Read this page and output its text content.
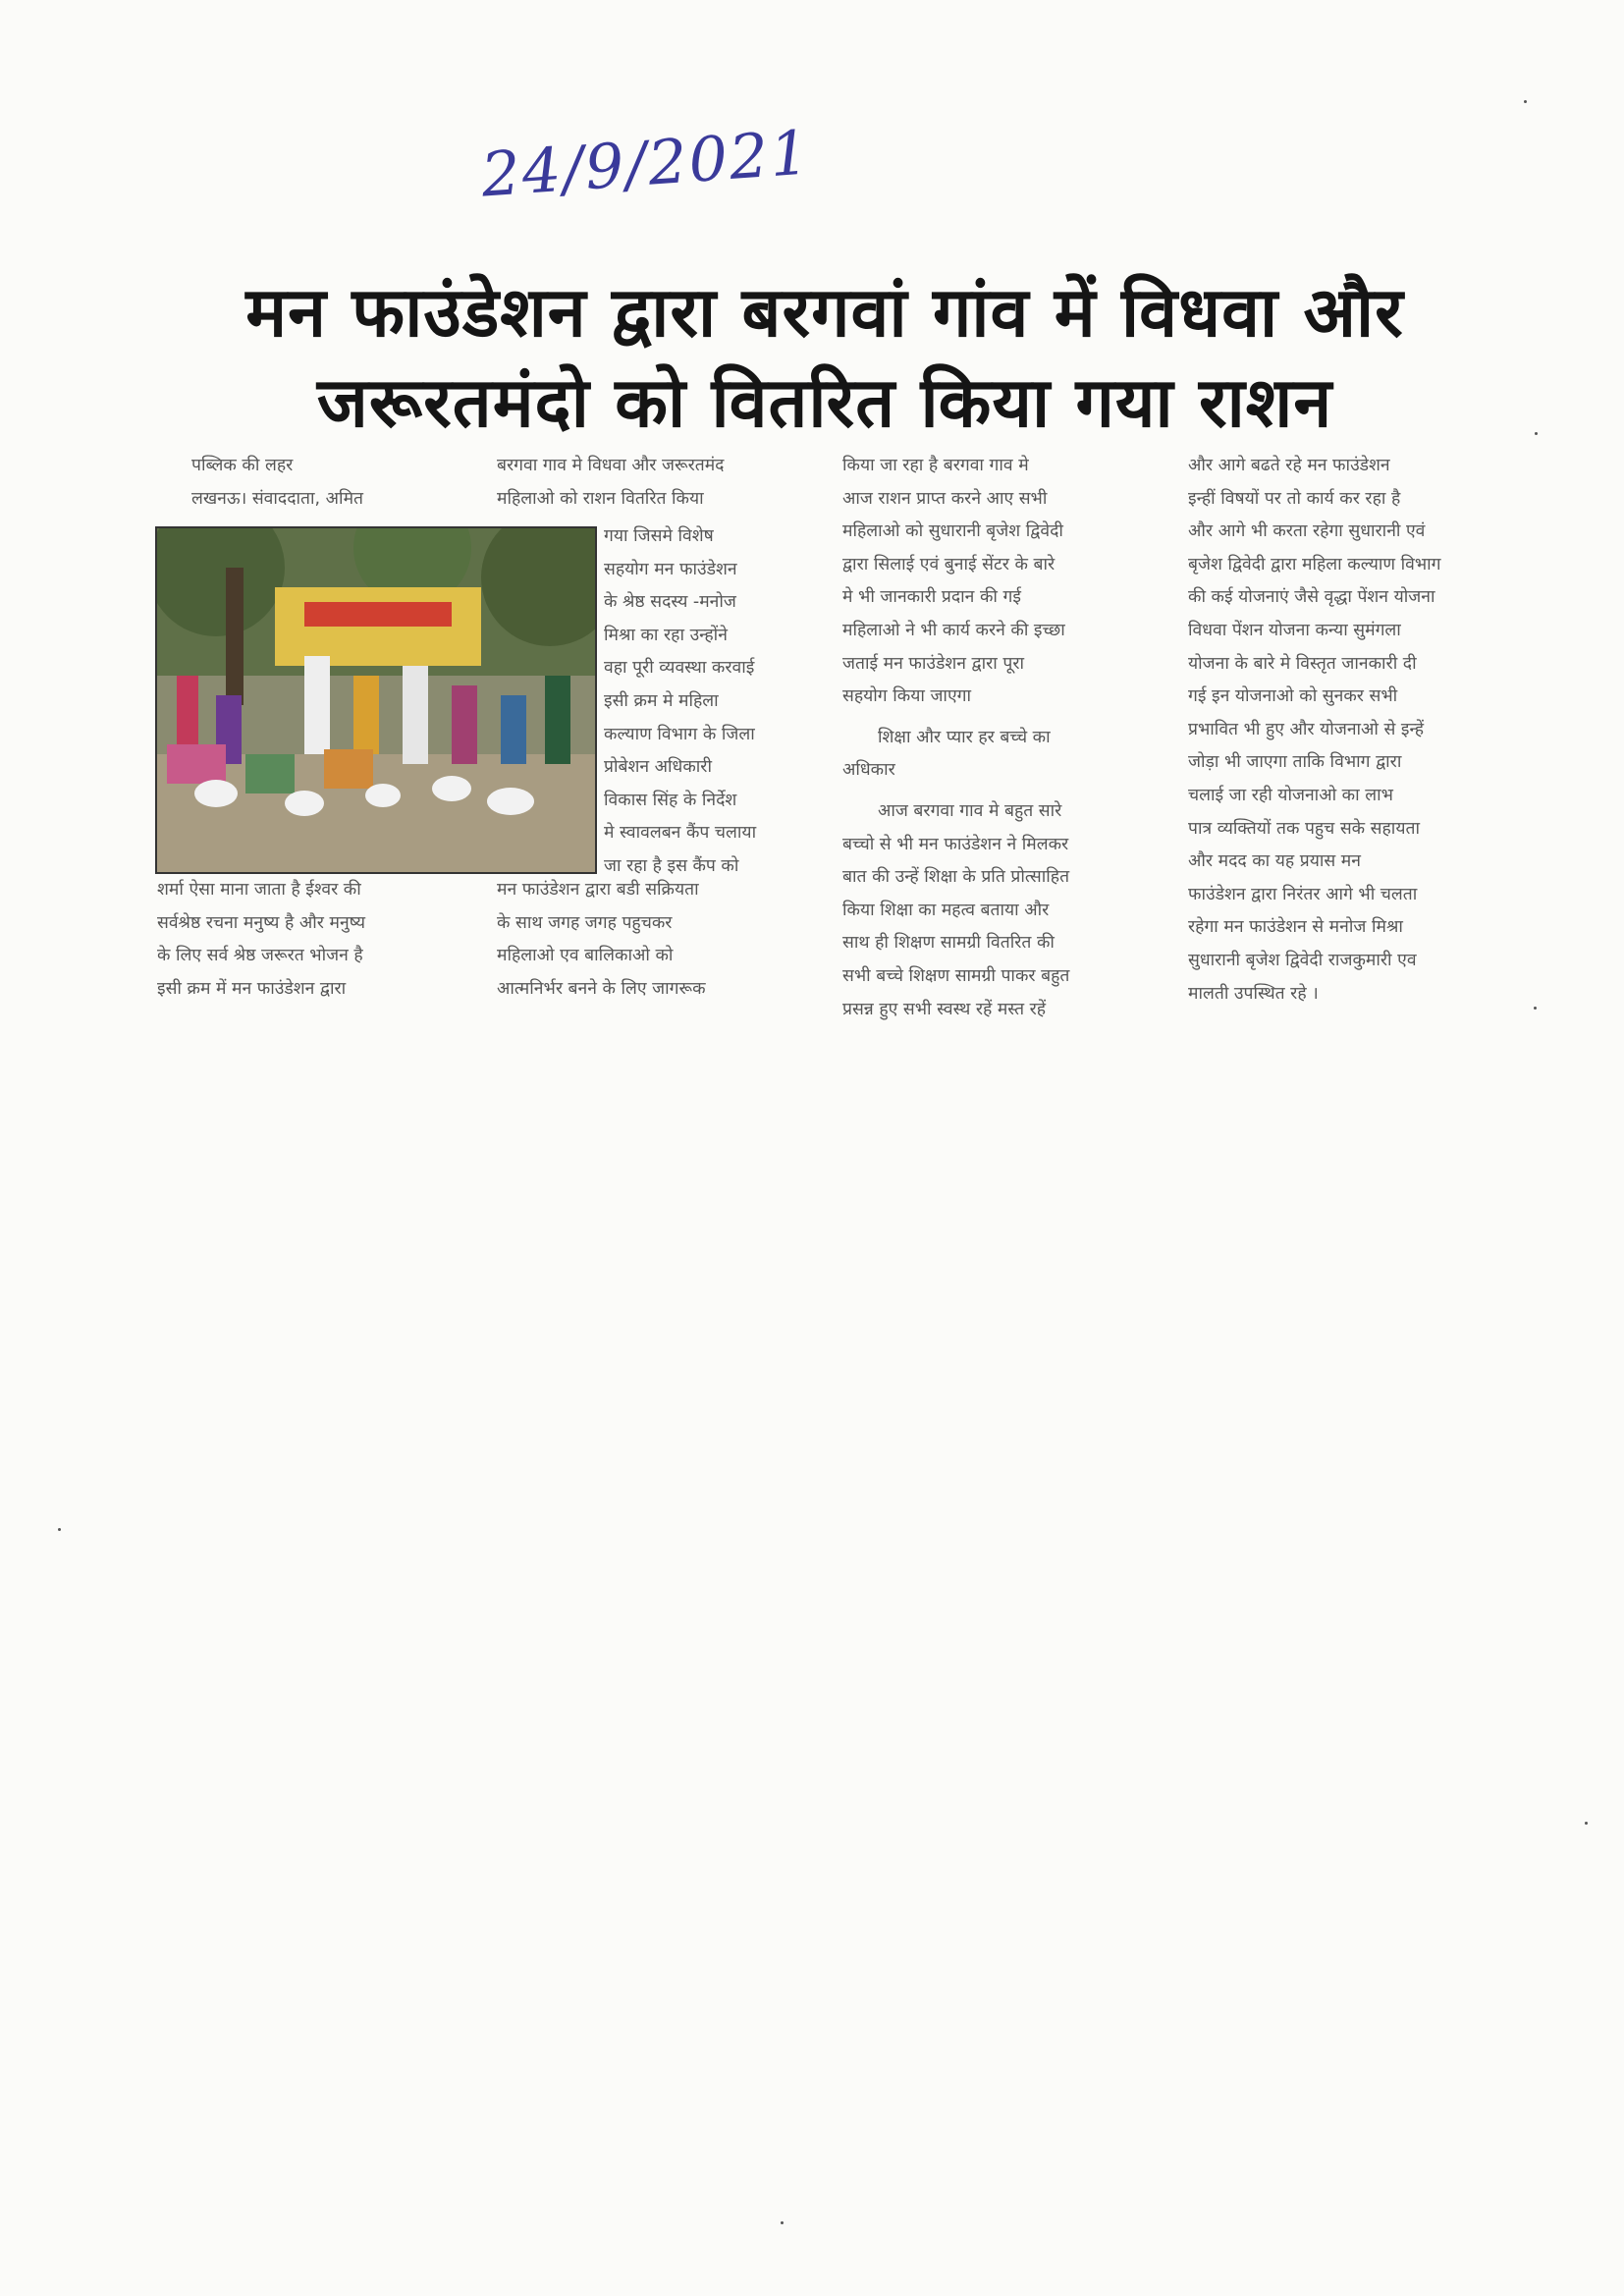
24/9/2021
मन फाउंडेशन द्वारा बरगवां गांव में विधवा और
जरूरतमंदो को वितरित किया गया राशन

पब्लिक की लहर

लखनऊ। संवाददाता, अमित

शर्मा ऐसा माना जाता है ईश्वर की

सर्वश्रेष्ठ रचना मनुष्य है और मनुष्य

के लिए सर्व श्रेष्ठ जरूरत भोजन है

इसी क्रम में मन फाउंडेशन द्वारा

बरगवा गाव मे विधवा और जरूरतमंद

महिलाओ को राशन वितरित किया

गया जिसमे विशेष

सहयोग मन फाउंडेशन

के श्रेष्ठ सदस्य -मनोज

मिश्रा का रहा उन्होंने

वहा पूरी व्यवस्था करवाई

इसी क्रम मे महिला

कल्याण विभाग के जिला

प्रोबेशन अधिकारी

विकास सिंह के निर्देश

मे स्वावलबन कैंप चलाया

जा रहा है इस कैंप को

मन फाउंडेशन द्वारा बडी सक्रियता

के साथ जगह जगह पहुचकर

महिलाओ एव बालिकाओ को

आत्मनिर्भर बनने के लिए जागरूक

किया जा रहा है बरगवा गाव मे

आज राशन प्राप्त करने आए सभी

महिलाओ को सुधारानी बृजेश द्विवेदी

द्वारा सिलाई एवं बुनाई सेंटर के बारे

मे भी जानकारी प्रदान की गई

महिलाओ ने भी कार्य करने की इच्छा

जताई मन फाउंडेशन द्वारा पूरा

सहयोग किया जाएगा

शिक्षा और प्यार हर बच्चे का

अधिकार

आज बरगवा गाव मे बहुत सारे

बच्चो से भी मन फाउंडेशन ने मिलकर

बात की उन्हें शिक्षा के प्रति प्रोत्साहित

किया शिक्षा का महत्व बताया और

साथ ही शिक्षण सामग्री वितरित की

सभी बच्चे शिक्षण सामग्री पाकर बहुत

प्रसन्न हुए सभी स्वस्थ रहें मस्त रहें

और आगे बढते रहे मन फाउंडेशन

इन्हीं विषयों पर तो कार्य कर रहा है

और आगे भी करता रहेगा सुधारानी एवं

बृजेश द्विवेदी द्वारा महिला कल्याण विभाग

की कई योजनाएं जैसे वृद्धा पेंशन योजना

विधवा पेंशन योजना कन्या सुमंगला

योजना के बारे मे विस्तृत जानकारी दी

गई इन योजनाओ को सुनकर सभी

प्रभावित भी हुए और योजनाओ से इन्हें

जोड़ा भी जाएगा ताकि विभाग द्वारा

चलाई जा रही योजनाओ का लाभ

पात्र व्यक्तियों तक पहुच सके सहायता

और मदद का यह प्रयास मन

फाउंडेशन द्वारा निरंतर आगे भी चलता

रहेगा मन फाउंडेशन से मनोज मिश्रा

सुधारानी बृजेश द्विवेदी राजकुमारी एव

मालती उपस्थित रहे ।
